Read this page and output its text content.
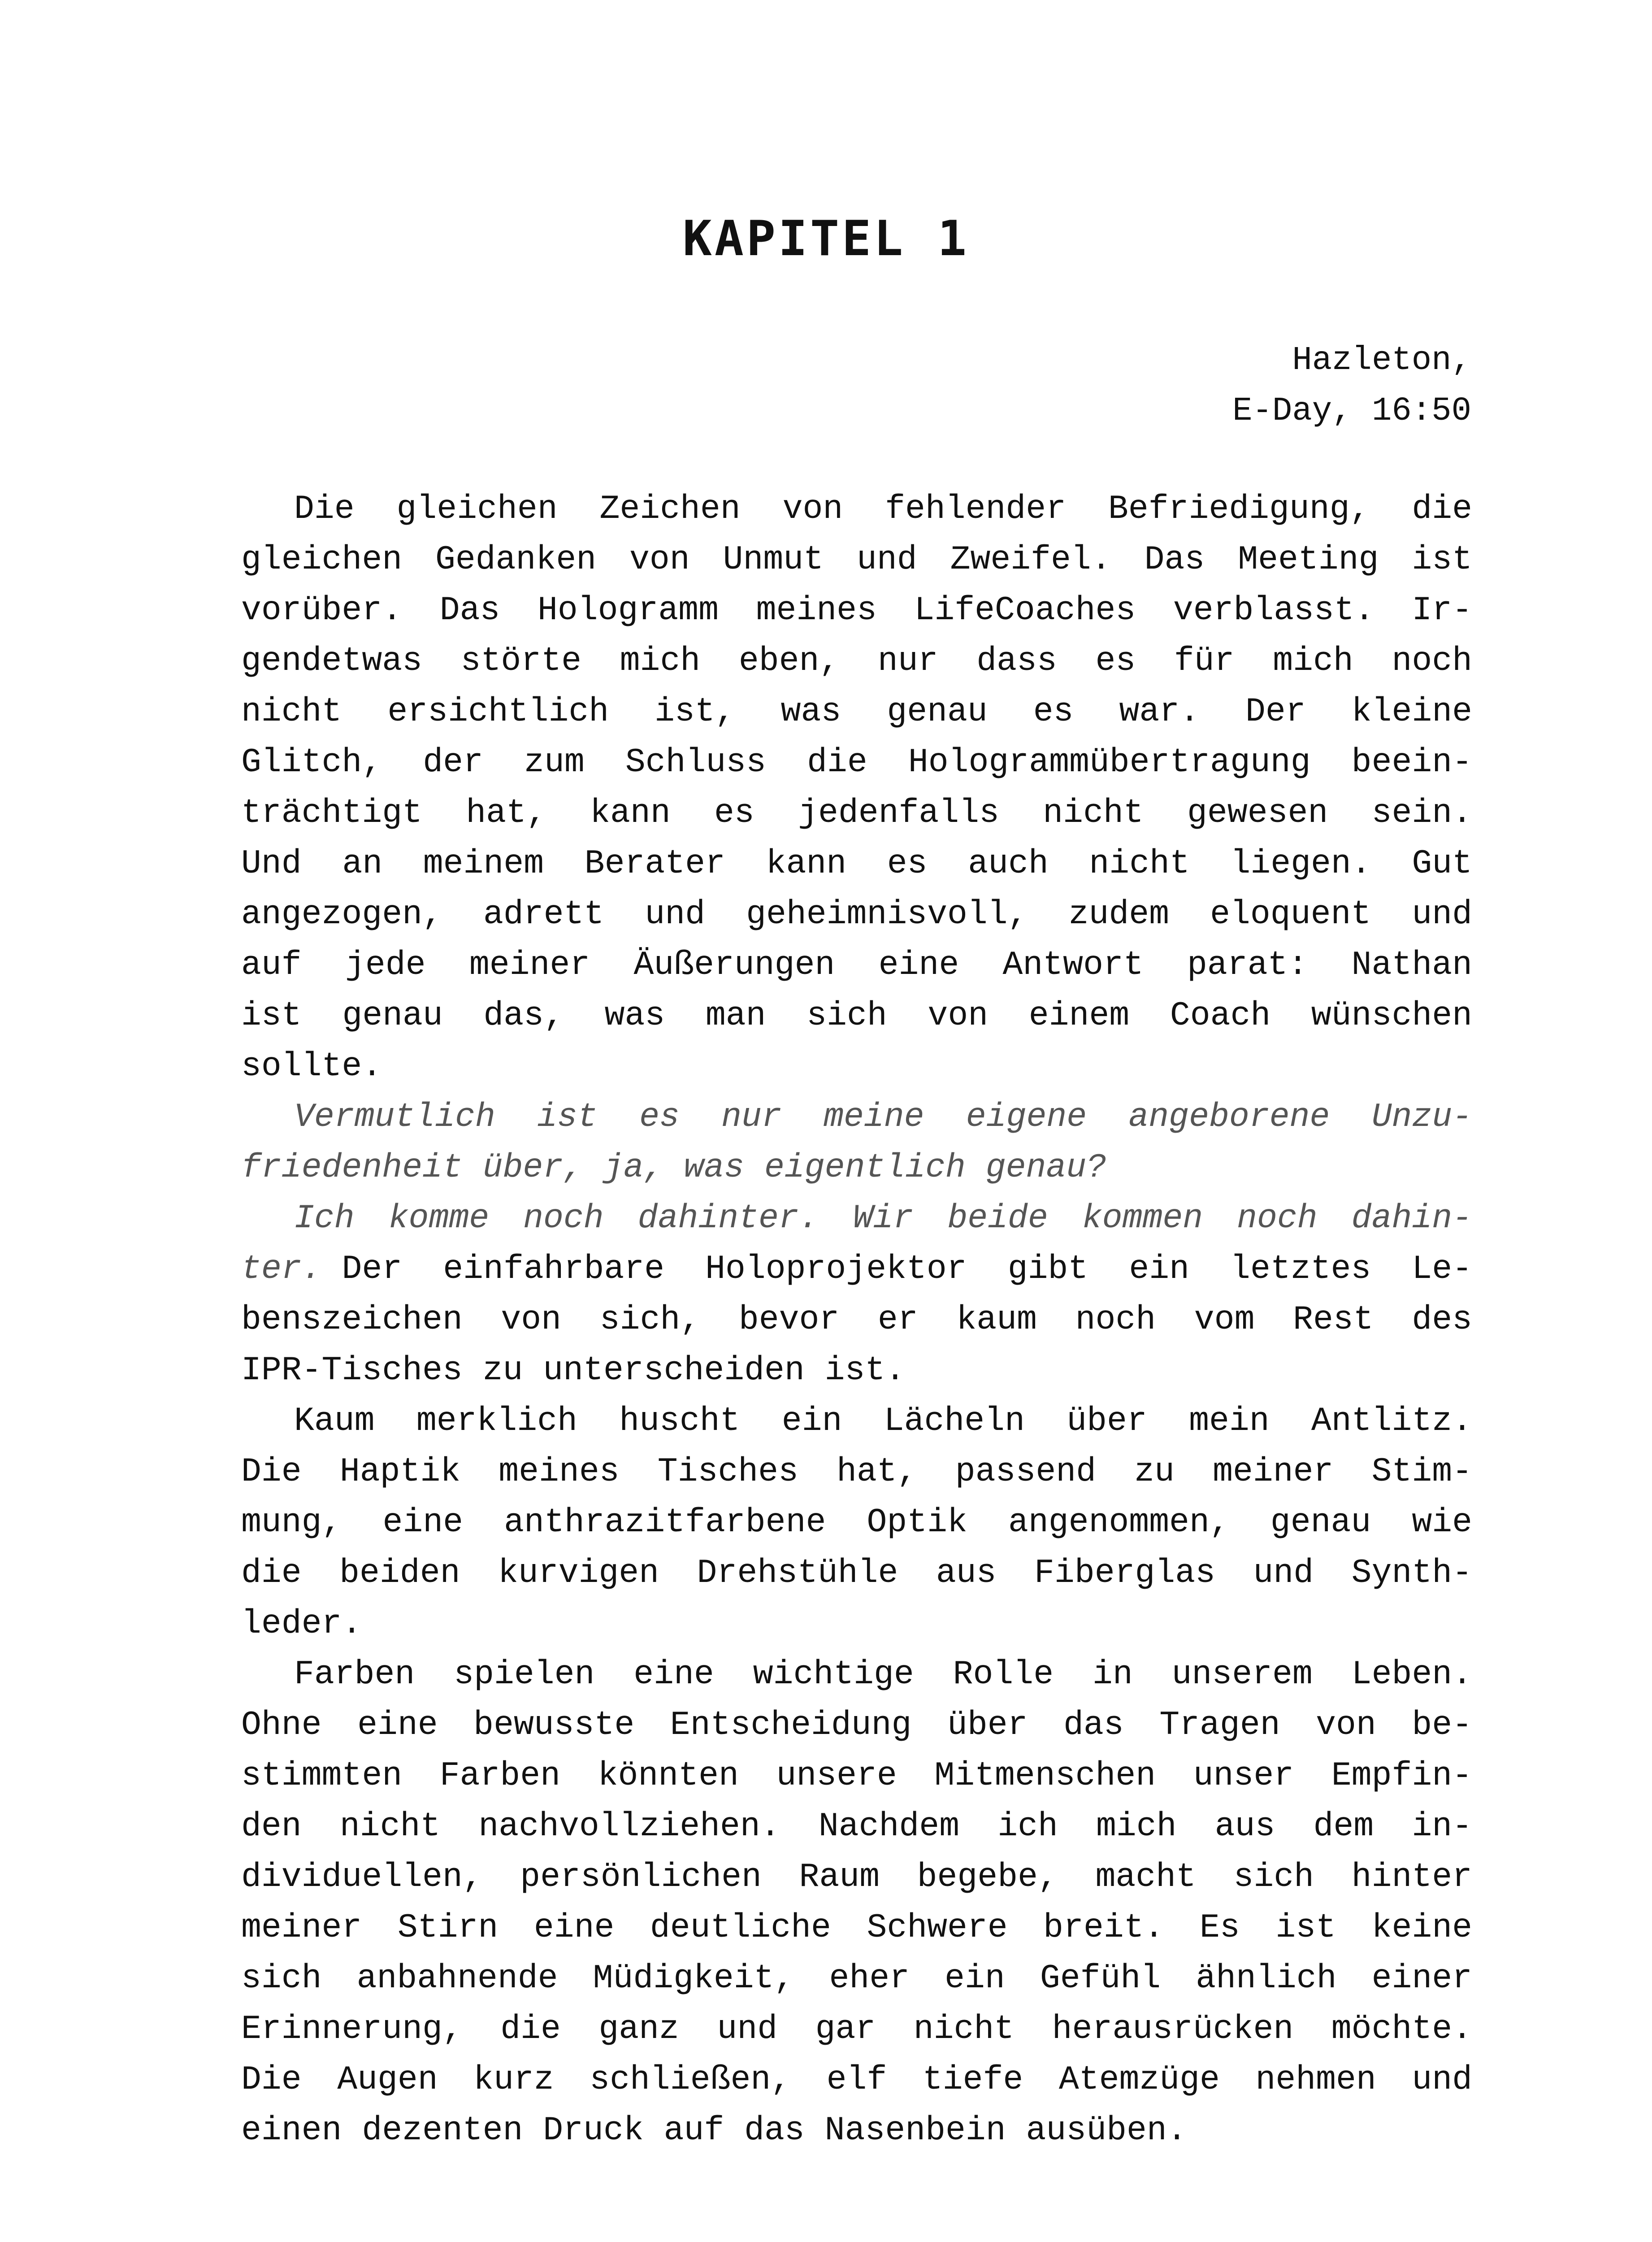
KAPITEL 1
Hazleton,
E-Day, 16:50
Die gleichen Zeichen von fehlender Befriedigung, die
gleichen Gedanken von Unmut und Zweifel. Das Meeting ist
vorüber. Das Hologramm meines LifeCoaches verblasst. Ir-
gendetwas störte mich eben, nur dass es für mich noch
nicht ersichtlich ist, was genau es war. Der kleine
Glitch, der zum Schluss die Hologrammübertragung beein-
trächtigt hat, kann es jedenfalls nicht gewesen sein.
Und an meinem Berater kann es auch nicht liegen. Gut
angezogen, adrett und geheimnisvoll, zudem eloquent und
auf jede meiner Äußerungen eine Antwort parat: Nathan
ist genau das, was man sich von einem Coach wünschen
sollte.
Vermutlich ist es nur meine eigene angeborene Unzu-
friedenheit über, ja, was eigentlich genau?
Ich komme noch dahinter. Wir beide kommen noch dahin-
ter. Der einfahrbare Holoprojektor gibt ein letztes Le-
benszeichen von sich, bevor er kaum noch vom Rest des
IPR-Tisches zu unterscheiden ist.
Kaum merklich huscht ein Lächeln über mein Antlitz.
Die Haptik meines Tisches hat, passend zu meiner Stim-
mung, eine anthrazitfarbene Optik angenommen, genau wie
die beiden kurvigen Drehstühle aus Fiberglas und Synth-
leder.
Farben spielen eine wichtige Rolle in unserem Leben.
Ohne eine bewusste Entscheidung über das Tragen von be-
stimmten Farben könnten unsere Mitmenschen unser Empfin-
den nicht nachvollziehen. Nachdem ich mich aus dem in-
dividuellen, persönlichen Raum begebe, macht sich hinter
meiner Stirn eine deutliche Schwere breit. Es ist keine
sich anbahnende Müdigkeit, eher ein Gefühl ähnlich einer
Erinnerung, die ganz und gar nicht herausrücken möchte.
Die Augen kurz schließen, elf tiefe Atemzüge nehmen und
einen dezenten Druck auf das Nasenbein ausüben.
